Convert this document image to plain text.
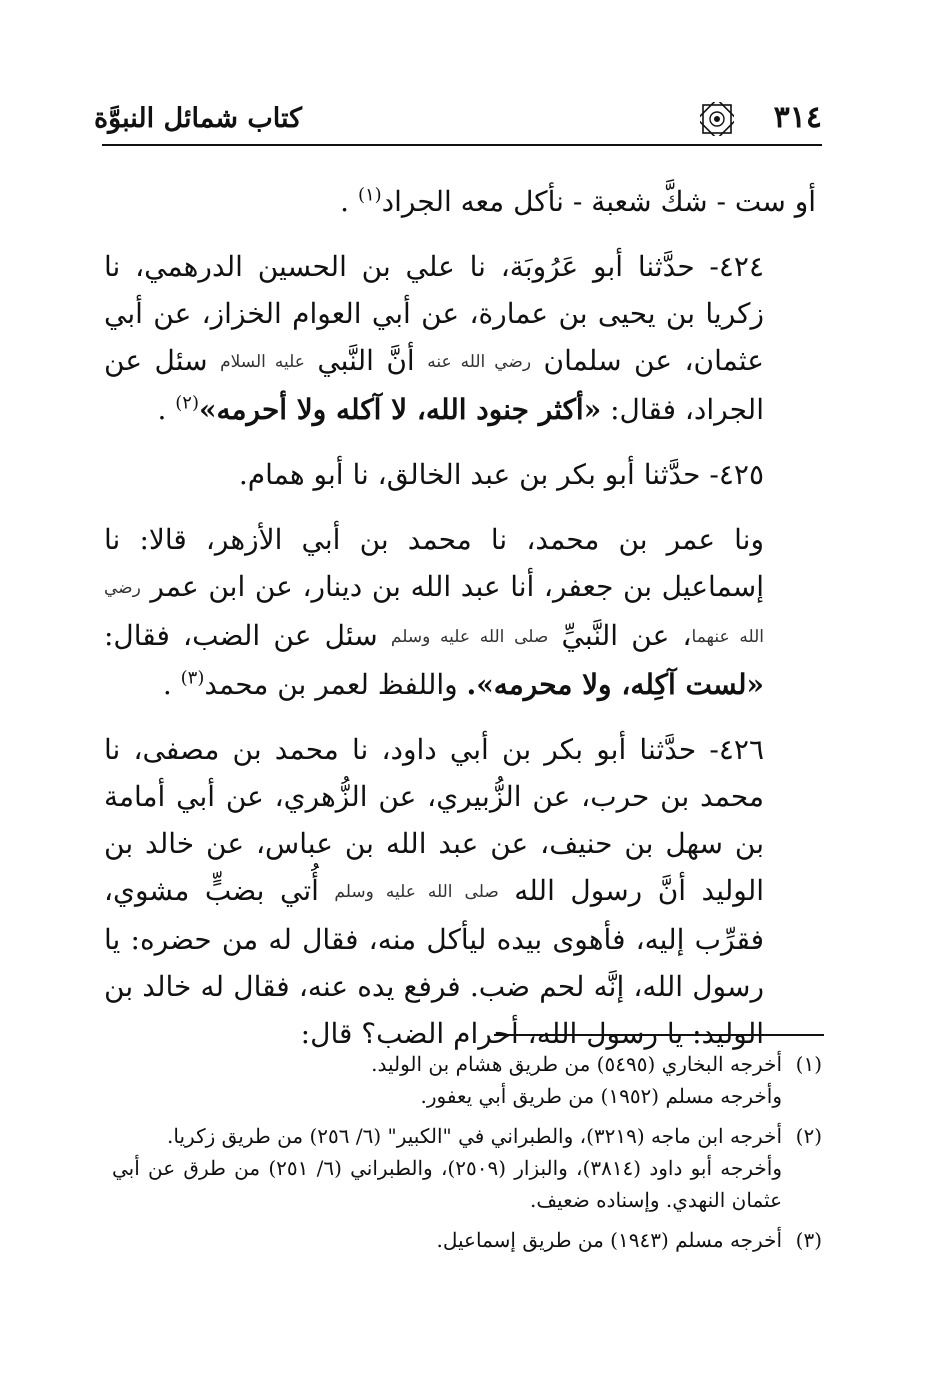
٣١٤
كتاب شمائل النبوَّة

أو ست - شكَّ شعبة - نأكل معه الجراد$^{(١)}$ .

٤٢٤- حدَّثنا أبو عَرُوبَة، نا علي بن الحسين الدرهمي، نا زكريا بن يحيى بن عمارة، عن أبي العوام الخزاز، عن أبي عثمان، عن سلمان رضي الله عنه أنَّ النَّبي عليه السلام سئل عن الجراد، فقال: «أكثر جنود الله، لا آكله ولا أحرمه»$^{(٢)}$ .

٤٢٥- حدَّثنا أبو بكر بن عبد الخالق، نا أبو همام.

ونا عمر بن محمد، نا محمد بن أبي الأزهر، قالا: نا إسماعيل بن جعفر، أنا عبد الله بن دينار، عن ابن عمر رضي الله عنهما، عن النَّبيِّ صلى الله عليه وسلم سئل عن الضب، فقال: «لست آكِله، ولا محرمه». واللفظ لعمر بن محمد$^{(٣)}$ .

٤٢٦- حدَّثنا أبو بكر بن أبي داود، نا محمد بن مصفى، نا محمد بن حرب، عن الزُّبيري، عن الزُّهري، عن أبي أمامة بن سهل بن حنيف، عن عبد الله بن عباس، عن خالد بن الوليد أنَّ رسول الله صلى الله عليه وسلم أُتي بضبٍّ مشوي، فقرِّب إليه، فأهوى بيده ليأكل منه، فقال له من حضره: يا رسول الله، إنَّه لحم ضب. فرفع يده عنه، فقال له خالد بن الوليد: يا رسول الله، أحرام الضب؟ قال:

(١)
أخرجه البخاري (٥٤٩٥) من طريق هشام بن الوليد.
وأخرجه مسلم (١٩٥٢) من طريق أبي يعفور.
(٢)
أخرجه ابن ماجه (٣٢١٩)، والطبراني في "الكبير" (٦/ ٢٥٦) من طريق زكريا.
وأخرجه أبو داود (٣٨١٤)، والبزار (٢٥٠٩)، والطبراني (٦/ ٢٥١) من طرق عن أبي عثمان النهدي. وإسناده ضعيف.
(٣)
أخرجه مسلم (١٩٤٣) من طريق إسماعيل.
